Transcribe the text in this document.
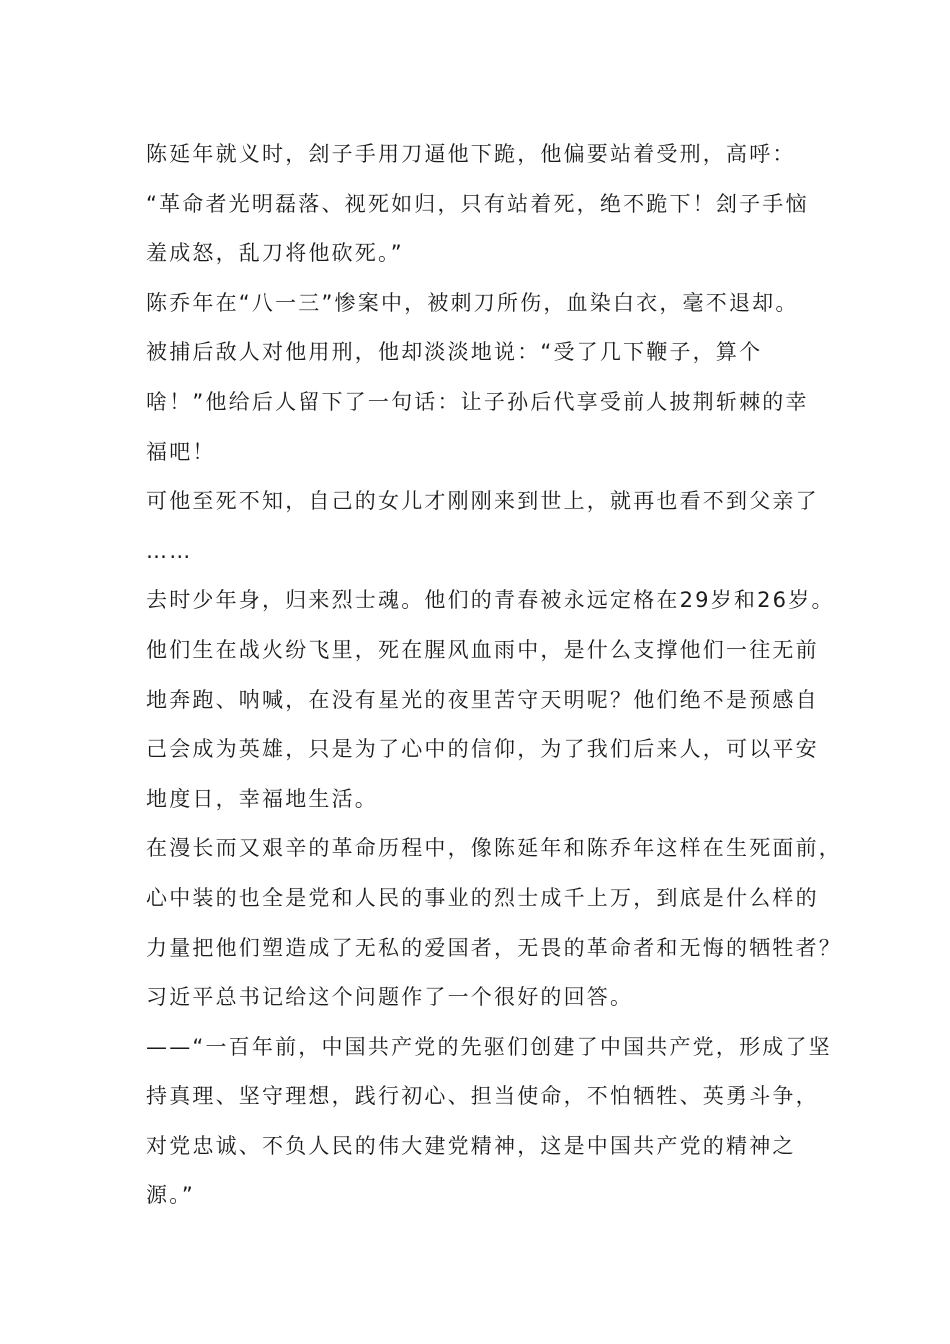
陈延年就义时，刽子手用刀逼他下跪，他偏要站着受刑，高呼：
“革命者光明磊落、视死如归，只有站着死，绝不跪下！刽子手恼
羞成怒，乱刀将他砍死。”
陈乔年在“八一三”惨案中，被刺刀所伤，血染白衣，毫不退却。
被捕后敌人对他用刑，他却淡淡地说：“受了几下鞭子，算个
啥！”他给后人留下了一句话：让子孙后代享受前人披荆斩棘的幸
福吧！
可他至死不知，自己的女儿才刚刚来到世上，就再也看不到父亲了
……
去时少年身，归来烈士魂。他们的青春被永远定格在29岁和26岁。
他们生在战火纷飞里，死在腥风血雨中，是什么支撑他们一往无前
地奔跑、呐喊，在没有星光的夜里苦守天明呢？他们绝不是预感自
己会成为英雄，只是为了心中的信仰，为了我们后来人，可以平安
地度日，幸福地生活。
在漫长而又艰辛的革命历程中，像陈延年和陈乔年这样在生死面前，
心中装的也全是党和人民的事业的烈士成千上万，到底是什么样的
力量把他们塑造成了无私的爱国者，无畏的革命者和无悔的牺牲者？
习近平总书记给这个问题作了一个很好的回答。
——“一百年前，中国共产党的先驱们创建了中国共产党，形成了坚
持真理、坚守理想，践行初心、担当使命，不怕牺牲、英勇斗争，
对党忠诚、不负人民的伟大建党精神，这是中国共产党的精神之
源。”
